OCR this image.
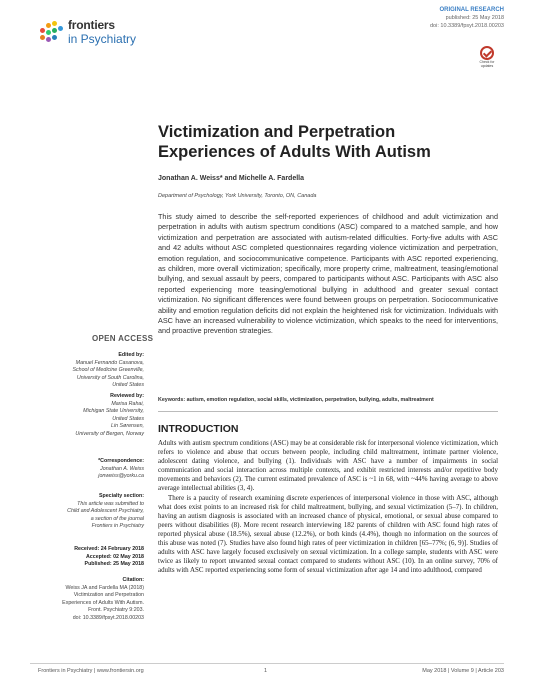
frontiers
in Psychiatry
ORIGINAL RESEARCH
published: 25 May 2018
doi: 10.3389/fpsyt.2018.00203
Check for
updates
Victimization and Perpetration
Experiences of Adults With Autism
Jonathan A. Weiss* and Michelle A. Fardella
Department of Psychology, York University, Toronto, ON, Canada
This study aimed to describe the self-reported experiences of childhood and adult victimization and perpetration in adults with autism spectrum conditions (ASC) compared to a matched sample, and how victimization and perpetration are associated with autism-related difficulties. Forty-five adults with ASC and 42 adults without ASC completed questionnaires regarding violence victimization and perpetration, emotion regulation, and sociocommunicative competence. Participants with ASC reported experiencing, as children, more overall victimization; specifically, more property crime, maltreatment, teasing/emotional bullying, and sexual assault by peers, compared to participants without ASC. Participants with ASC also reported experiencing more teasing/emotional bullying in adulthood and greater sexual contact victimization. No significant differences were found between groups on perpetration. Sociocommunicative ability and emotion regulation deficits did not explain the heightened risk for victimization. Individuals with ASC have an increased vulnerability to violence victimization, which speaks to the need for interventions, and proactive prevention strategies.
Keywords: autism, emotion regulation, social skills, victimization, perpetration, bullying, adults, maltreatment
OPEN ACCESS
Edited by:
Manuel Fernando Casanova,
School of Medicine Greenville,
University of South Carolina,
United States
Reviewed by:
Marisa Rahai,
Michigan State University,
United States
Lin Sørensen,
University of Bergen, Norway
*Correspondence:
Jonathan A. Weiss
jonweiss@yorku.ca
Specialty section:
This article was submitted to
Child and Adolescent Psychiatry,
a section of the journal
Frontiers in Psychiatry
Received: 24 February 2018
Accepted: 02 May 2018
Published: 25 May 2018
Citation:
Weiss JA and Fardella MA (2018)
Victimization and Perpetration
Experiences of Adults With Autism.
Front. Psychiatry 9:203.
doi: 10.3389/fpsyt.2018.00203
INTRODUCTION

Adults with autism spectrum conditions (ASC) may be at considerable risk for interpersonal violence victimization, which refers to violence and abuse that occurs between people, including child maltreatment, intimate partner violence, adolescent dating violence, and bullying (1). Individuals with ASC have a number of impairments in social communication and social interaction across multiple contexts, and exhibit restricted interests and/or repetitive body movements and behaviors (2). The current estimated prevalence of ASC is ~1 in 68, with ~44% having average to above average intellectual abilities (3, 4).

There is a paucity of research examining discrete experiences of interpersonal violence in those with ASC, although what does exist points to an increased risk for child maltreatment, bullying, and sexual victimization (5–7). In children, having an autism diagnosis is associated with an increased chance of physical, emotional, or sexual abuse compared to peers without disabilities (8). More recent research interviewing 182 parents of children with ASC found high rates of reported physical abuse (18.5%), sexual abuse (12.2%), or both kinds (4.4%), though no information on the sources of this abuse was noted (7). Studies have also found high rates of peer victimization in children [65–77%; (6, 9)]. Studies of adults with ASC have largely focused exclusively on sexual victimization. In a college sample, students with ASC were twice as likely to report unwanted sexual contact compared to students without ASC (10). In an online survey, 70% of adults with ASC reported experiencing some form of sexual victimization after age 14 and into adulthood, compared

Frontiers in Psychiatry | www.frontiersin.org	1	May 2018 | Volume 9 | Article 203
